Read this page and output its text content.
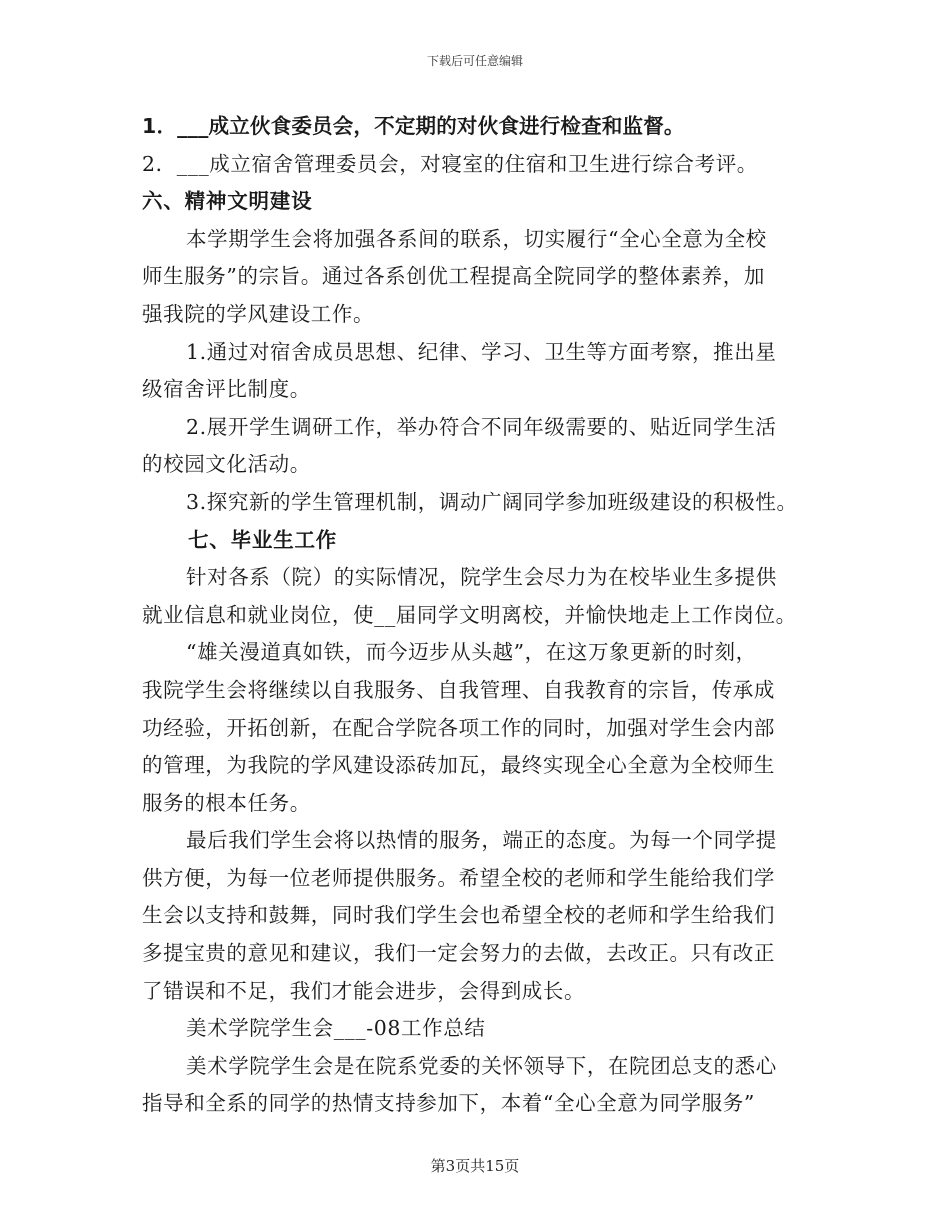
下载后可任意编辑
1．___成立伙食委员会，不定期的对伙食进行检查和监督。
2．___成立宿舍管理委员会，对寝室的住宿和卫生进行综合考评。
六、精神文明建设
本学期学生会将加强各系间的联系，切实履行“全心全意为全校
师生服务”的宗旨。通过各系创优工程提高全院同学的整体素养，加
强我院的学风建设工作。
1.通过对宿舍成员思想、纪律、学习、卫生等方面考察，推出星
级宿舍评比制度。
2.展开学生调研工作，举办符合不同年级需要的、贴近同学生活
的校园文化活动。
3.探究新的学生管理机制，调动广阔同学参加班级建设的积极性。
七、毕业生工作
针对各系（院）的实际情况，院学生会尽力为在校毕业生多提供
就业信息和就业岗位，使__届同学文明离校，并愉快地走上工作岗位。
“雄关漫道真如铁，而今迈步从头越”，在这万象更新的时刻，
我院学生会将继续以自我服务、自我管理、自我教育的宗旨，传承成
功经验，开拓创新，在配合学院各项工作的同时，加强对学生会内部
的管理，为我院的学风建设添砖加瓦，最终实现全心全意为全校师生
服务的根本任务。
最后我们学生会将以热情的服务，端正的态度。为每一个同学提
供方便，为每一位老师提供服务。希望全校的老师和学生能给我们学
生会以支持和鼓舞，同时我们学生会也希望全校的老师和学生给我们
多提宝贵的意见和建议，我们一定会努力的去做，去改正。只有改正
了错误和不足，我们才能会进步，会得到成长。
美术学院学生会___-08工作总结
美术学院学生会是在院系党委的关怀领导下，在院团总支的悉心
指导和全系的同学的热情支持参加下，本着“全心全意为同学服务”
第3页共15页
